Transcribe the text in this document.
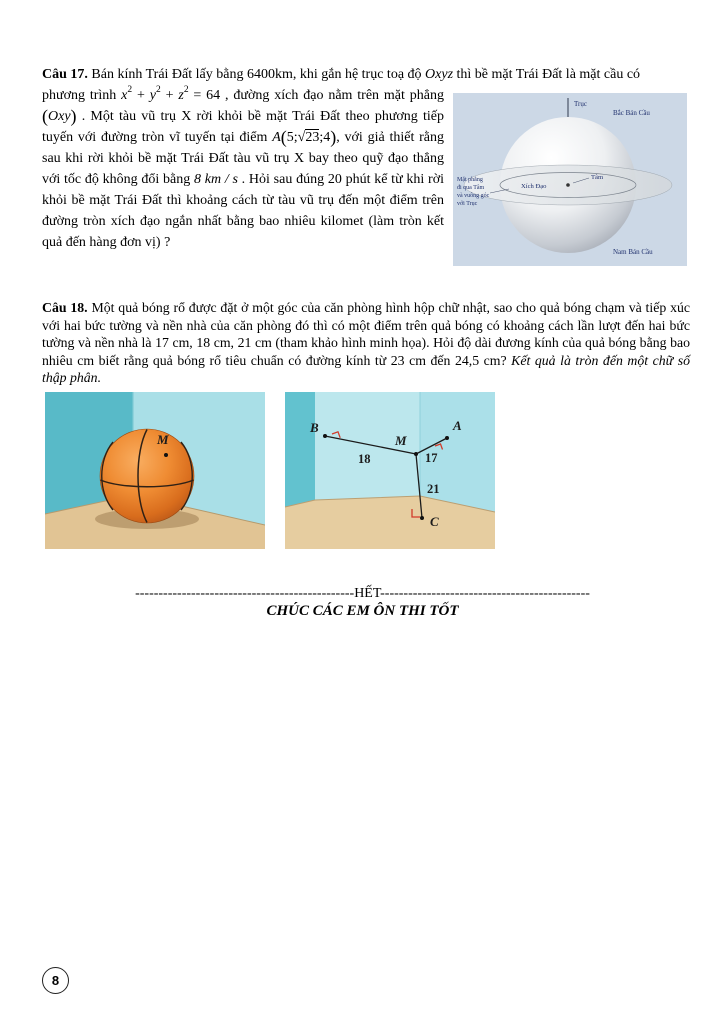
Câu 17. Bán kính Trái Đất lấy bằng 6400km, khi gắn hệ trục toạ độ Oxyz thì bề mặt Trái Đất là mặt cầu có

phương trình $x^2 + y^2 + z^2 = 64$ , đường xích đạo nằm trên mặt phẳng (Oxy) . Một tàu vũ trụ X rời khỏi bề mặt Trái Đất theo phương tiếp tuyến với đường tròn vĩ tuyến tại điểm A(5;√23;4), với giả thiết rằng sau khi rời khỏi bề mặt Trái Đất tàu vũ trụ X bay theo quỹ đạo thẳng với tốc độ không đổi bằng 8 km / s . Hỏi sau đúng 20 phút kể từ khi rời khỏi bề mặt Trái Đất thì khoảng cách từ tàu vũ trụ đến một điểm trên đường tròn xích đạo ngắn nhất bằng bao nhiêu kilomet (làm tròn kết quả đến hàng đơn vị) ?
Trục
Bắc Bán Cầu
Mặt phẳng
đi qua Tâm
và vuông góc
với Trục
Xích Đạo
Tâm
Nam Bán Cầu

Câu 18. Một quả bóng rổ được đặt ở một góc của căn phòng hình hộp chữ nhật, sao cho quả bóng chạm và tiếp xúc với hai bức tường và nền nhà của căn phòng đó thì có một điểm trên quả bóng có khoảng cách lần lượt đến hai bức tường và nền nhà là 17 cm, 18 cm, 21 cm (tham khảo hình minh họa). Hỏi độ dài đương kính của quả bóng bằng bao nhiêu cm biết rằng quả bóng rổ tiêu chuẩn có đường kính từ 23 cm đến 24,5 cm? Kết quả là tròn đến một chữ số thập phân.

M
B
M
A
C
18	17
21
-----------------------------------------------HẾT---------------------------------------------
CHÚC CÁC EM ÔN THI TỐT
8
